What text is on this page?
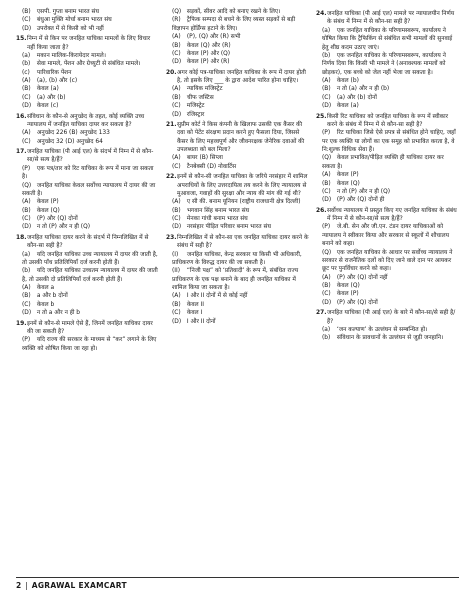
(B) एसपी. गुप्ता बनाम भारत संघ
(C) बंधुआ मुक्ति मोर्चा बनाम भारत संघ
(D) उपरोक्त में से किसी को भी नहीं
15. निम्न में से किन पर जनहित याचिका मामलों के लिए विचार नहीं किया जाता है?
(a) मकान मालिक-किरायेदार मामले।
(b) सेवा मामले, पेंशन और ग्रेच्युटी से संबंधित मामले।
(c) पारिवारिक पेंशन
(A) (a), (b) और (c)
(B) केवल (a)
(C) (a) और (b)
(D) केवल (c)
16. संविधान के कौन-से अनुच्छेद के तहत, कोई व्यक्ति उच्च न्यायालय में जनहित याचिका दायर कर सकता है?
(A) अनुच्छेद 226 (B) अनुच्छेद 133
(C) अनुच्छेद 32 (D) अनुच्छेद 64
17. जनहित याचिका (पी आई एल) के संदर्भ में निम्न में से कौन-सा/से सत्य है/हैं?
(P) एक पत्र/तार को रिट याचिका के रूप में माना जा सकता है।
(Q) जनहित याचिका केवल सर्वोच्च न्यायालय में दायर की जा सकती है।
(A) केवल (P)
(B) केवल (Q)
(C) (P) और (Q) दोनों
(D) न तो (P) और न ही (Q)
18. जनहित याचिका दायर करने के संदर्भ में निम्नलिखित में से कौन-सा सही है?
(a) यदि जनहित याचिका उच्च न्यायालय में दायर की जाती है, तो उसकी पाँच प्रतिलिपियाँ दर्ज करनी होती हैं।
(b) यदि जनहित याचिका उच्चतम न्यायालय में दायर की जाती है, तो उसकी दो प्रतिलिपियाँ दर्ज करनी होती हैं।
(A) केवल a
(B) a और b दोनों
(C) केवल b
(D) न तो a और न ही b
19. इनमें से कौन-से मामले ऐसे हैं, जिनमें जनहित याचिका दायर की जा सकती है?
(P) यदि राज्य की सरकार के माध्यम से “कर” लगाने के लिए व्यक्ति को शोषित किया जा रहा हो।
(Q) सड़कों, सीवर आदि को बनाए रखने के लिए।
(R) ट्रैफिक सम्पदा से बचने के लिए व्यस्त सड़कों से बड़ी विज्ञापन होर्डिंग्स हटाने के लिए।
(A) (P), (Q) और (R) सभी
(B) केवल (Q) और (R)
(C) केवल (P) और (Q)
(D) केवल (P) और (R)
20. अगर कोई पत्र-याचिका जनहित याचिका के रूप में दायर होती है, तो इसके लिए ___ के द्वारा आदेश पारित होना चाहिए।
(A) न्यायिक मजिस्ट्रेट
(B) चीफ जस्टिस
(C) मजिस्ट्रेट
(D) रजिस्ट्रार
21. सुप्रीम कोर्ट ने किस कंपनी के खिलाफ उसकी एक कैंसर की दवा को पेटेंट संरक्षण प्रदान करने हुए फैसला दिया, जिससे कैंसर के लिए महत्त्वपूर्ण और जीवनरक्षक जेनेरिक दवाओं की उपलब्धता को बल मिला?
(A) बायर (B) सिप्ला
(C) टैनबेक्सी (D) नोवार्टिस
22. इनमें से कौन-सी जनहित याचिका के जरिये नरसंहार में शामिल अपराधियों के लिए उत्तरदायित्व तय करने के लिए न्यायालय से मुआवजा, गवाहों की सुरक्षा और न्याय की मांग की गई थी?
(A) ए सी की. बनाम यूनियन (राष्ट्रीय राजधानी क्षेत्र दिल्ली)
(B) भगवान सिंह बनाम भारत संघ
(C) मेनका गांधी बनाम भारत संघ
(D) नरसंहार पीड़ित परिवार बनाम भारत संघ
23. निम्नलिखित में से कौन-सा एक जनहित याचिका दायर करने के संबंध में सही है?
(I) जनहित याचिका, केन्द्र सरकार या किसी भी अधिकारी, प्राधिकरण के विरुद्ध दायर की जा सकती है।
(II) “निजी पक्ष” को ‘प्रतिवादी’ के रूप में, संबंधित राज्य प्राधिकरण के एक पक्ष बनाने के बाद ही जनहित याचिका में शामिल किया जा सकता है।
(A) I और II दोनों में से कोई नहीं
(B) केवल II
(C) केवल I
(D) I और II दोनों
24. जनहित याचिका (पी आई एल) मामले पर न्यायालयीन निर्णय के संबंध में निम्न में से कौन-सा सही है?
(a) एक जनहित याचिका के परिणामस्वरूप, कार्यालय ने घोषित किया कि ट्रैफिकिंग से संबंधित सभी मामलों की सुनवाई हेतु शीघ्र कदम उठाए जाएं।
(b) एक जनहित याचिका के परिणामस्वरूप, कार्यालय ने निर्णय दिया कि किसी भी मामले ने (अनावश्यक मामलों को छोड़कर), एक बच्चे को जेल नहीं भेजा जा सकता है।
(A) केवल (b)
(B) न तो (a) और न ही (b)
(C) (a) और (b) दोनों
(D) केवल (a)
25. किसी रिट याचिका को जनहित याचिका के रूप में स्वीकार करने के संबंध में निम्न में से कौन-सा सही है?
(P) रिट याचिका जिसे ऐसे प्रपत्र से संबंधित होने चाहिए, जहाँ पर एक व्यक्ति या लोगों का एक समूह को प्रभावित करता है, वे नि:शुल्क विधिक सेवा हैं।
(Q) केवल प्रभावित/पीड़ित व्यक्ति ही याचिका दायर कर सकता है।
(A) केवल (P)
(B) केवल (Q)
(C) न तो (P) और न ही (Q)
(D) (P) और (Q) दोनों ही
26. सर्वोच्च न्यायालय में प्रस्तुत किए गए जनहित याचिका के संबंध में निम्न में से कौन-सा/से सत्य है/हैं?
(P) जे.बी. सेन और जी.एन. टंडन दायर याचिकाओं को न्यायालय ने स्वीकार किया और सरकार से स्कूलों में शौचालय बनाने को कहा।
(Q) एक जनहित याचिका के आधार पर सर्वोच्च न्यायालय ने सरकार से राजनैतिक दलों को दिए जाने वाले दान पर आयकर छूट पर पुनर्विचार करने को कहा।
(A) (P) और (Q) दोनों नहीं
(B) केवल (Q)
(C) केवल (P)
(D) (P) और (Q) दोनों
27. जनहित याचिका (पी आई एल) के बारे में कौन-सा/से सही है/हैं?
(a) ‘जन कल्याण’ के उल्लंघन से सम्बन्धित हो।
(b) संविधान के प्रावधानों के उल्लंघन से जुड़ी जनहानि।
2 | AGRAWAL EXAMCART
